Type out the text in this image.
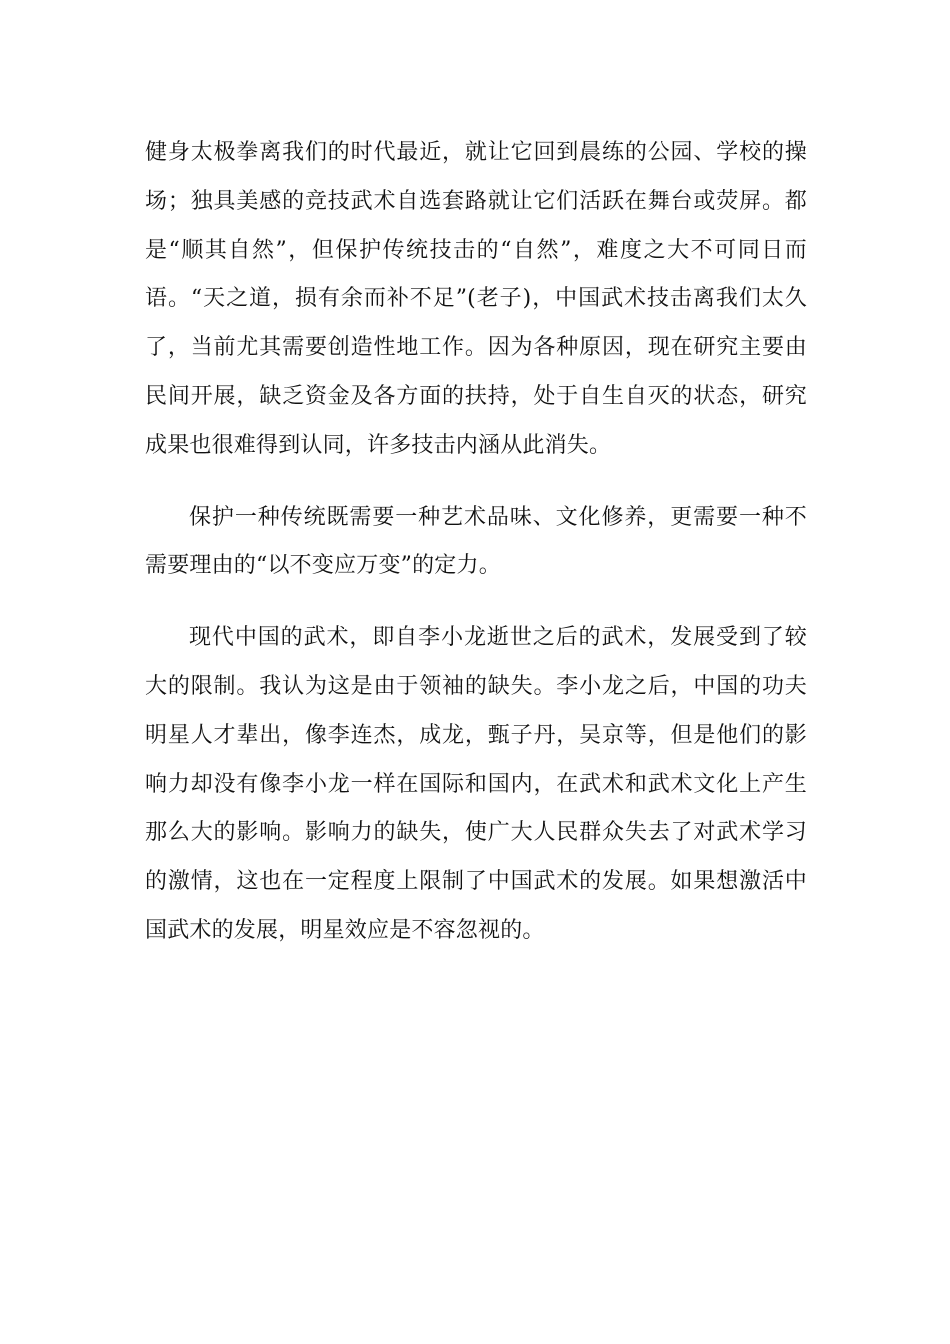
健身太极拳离我们的时代最近，就让它回到晨练的公园、学校的操场；独具美感的竞技武术自选套路就让它们活跃在舞台或荧屏。都是“顺其自然”，但保护传统技击的“自然”，难度之大不可同日而语。“天之道，损有余而补不足”(老子)，中国武术技击离我们太久了，当前尤其需要创造性地工作。因为各种原因，现在研究主要由民间开展，缺乏资金及各方面的扶持，处于自生自灭的状态，研究成果也很难得到认同，许多技击内涵从此消失。

保护一种传统既需要一种艺术品味、文化修养，更需要一种不需要理由的“以不变应万变”的定力。

现代中国的武术，即自李小龙逝世之后的武术，发展受到了较大的限制。我认为这是由于领袖的缺失。李小龙之后，中国的功夫明星人才辈出，像李连杰，成龙，甄子丹，吴京等，但是他们的影响力却没有像李小龙一样在国际和国内，在武术和武术文化上产生那么大的影响。影响力的缺失，使广大人民群众失去了对武术学习的激情，这也在一定程度上限制了中国武术的发展。如果想激活中国武术的发展，明星效应是不容忽视的。
